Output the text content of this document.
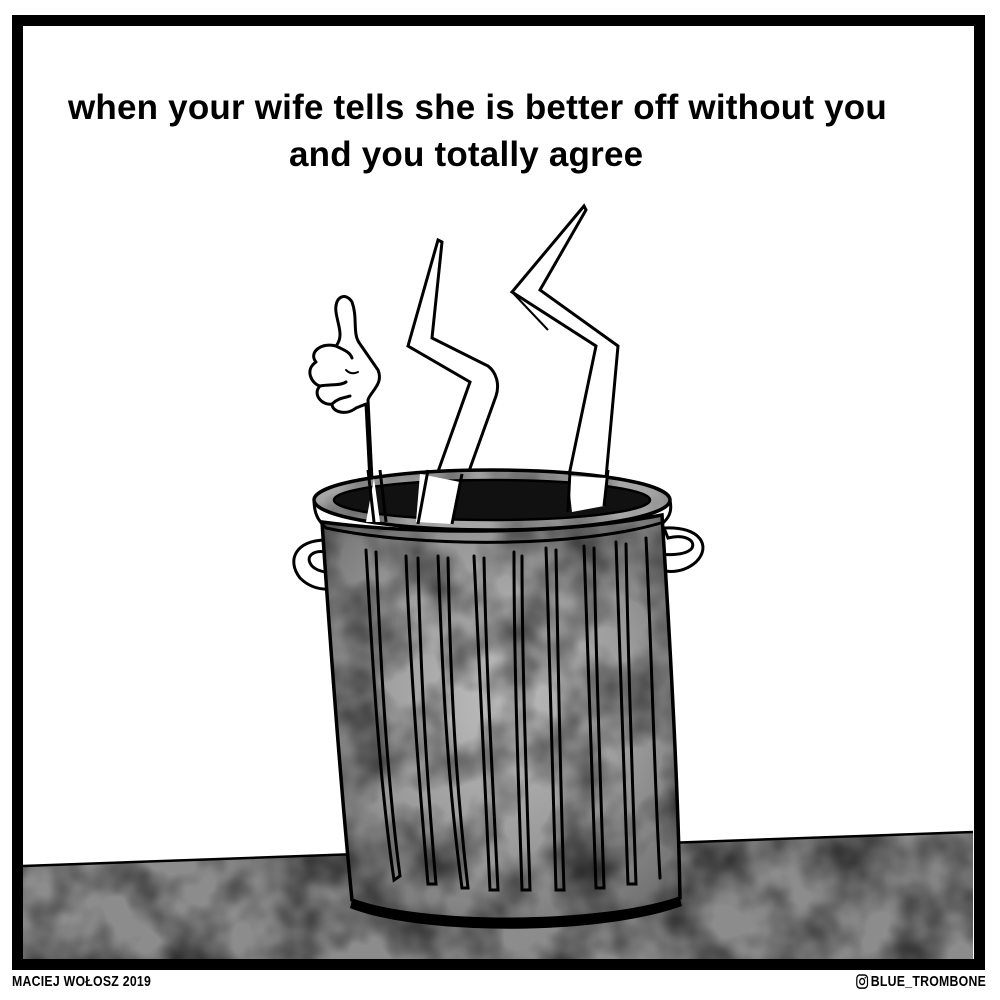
when your wife tells she is better off without you
and you totally agree
MACIEJ WOŁOSZ 2019	BLUE_TROMBONE
